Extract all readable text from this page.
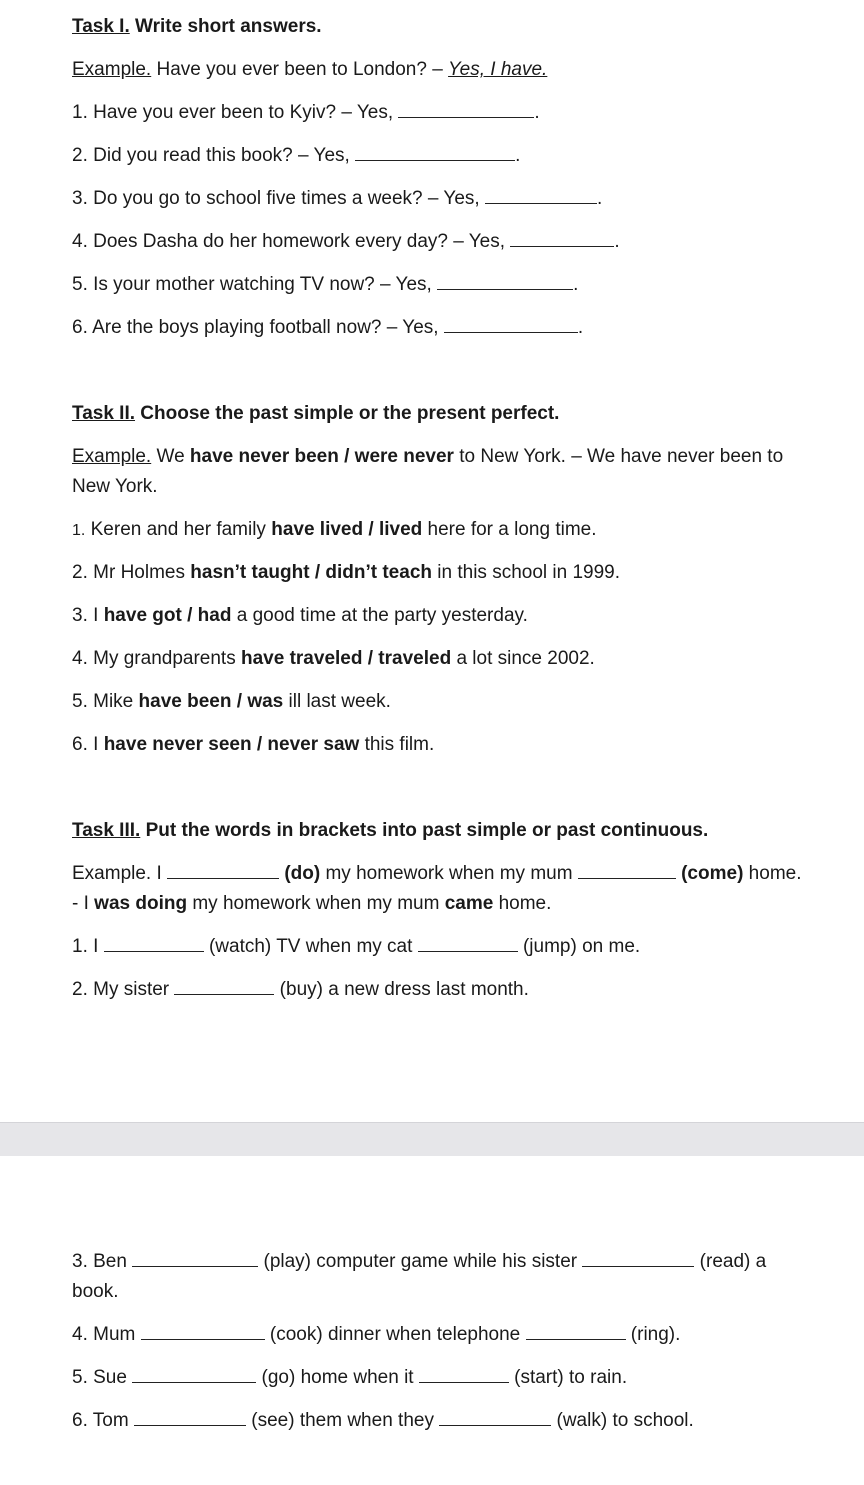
Task I. Write short answers.
Example. Have you ever been to London? – Yes, I have.
1. Have you ever been to Kyiv? – Yes,	.
2. Did you read this book? – Yes,	.
3. Do you go to school five times a week? – Yes,	.
4. Does Dasha do her homework every day? – Yes,	.
5. Is your mother watching TV now? – Yes,	.
6. Are the boys playing football now? – Yes,	.
Task II. Choose the past simple or the present perfect.
Example. We have never been / were never to New York. – We have never been to
New York.
1. Keren and her family have lived / lived here for a long time.
2. Mr Holmes hasn’t taught / didn’t teach in this school in 1999.
3. I have got / had a good time at the party yesterday.
4. My grandparents have traveled / traveled a lot since 2002.
5. Mike have been / was ill last week.
6. I have never seen / never saw this film.
Task III. Put the words in brackets into past simple or past continuous.
Example. I	(do) my homework when my mum	(come) home.
- I was doing my homework when my mum came home.
1. I	(watch) TV when my cat	(jump) on me.
2. My sister	(buy) a new dress last month.
3. Ben	(play) computer game while his sister	(read) a
book.
4. Mum	(cook) dinner when telephone	(ring).
5. Sue	(go) home when it	(start) to rain.
6. Tom	(see) them when they	(walk) to school.
